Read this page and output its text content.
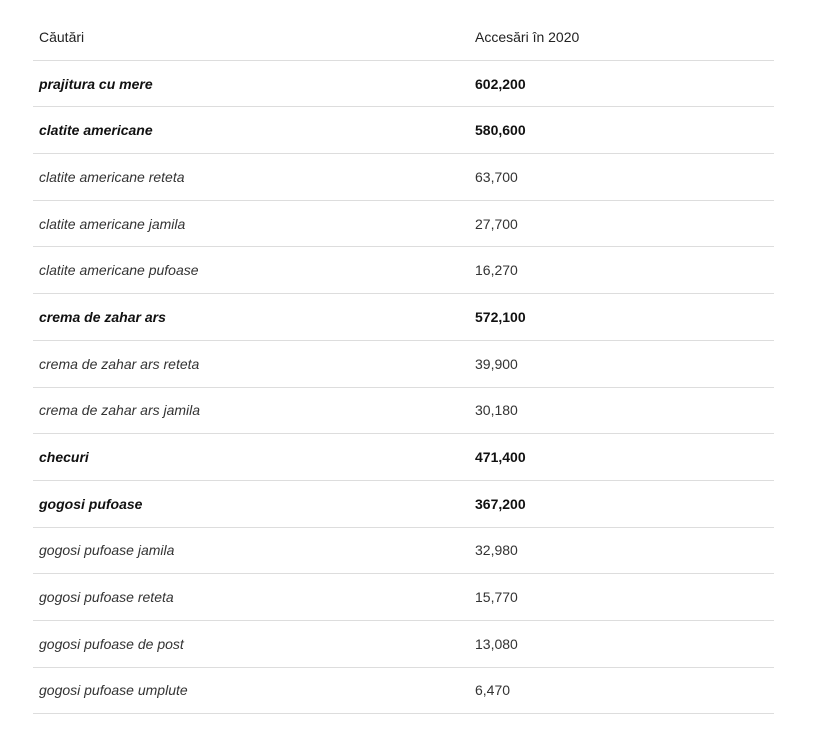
Căutări	Accesări în 2020
prajitura cu mere	602,200
clatite americane	580,600
clatite americane reteta	63,700
clatite americane jamila	27,700
clatite americane pufoase	16,270
crema de zahar ars	572,100
crema de zahar ars reteta	39,900
crema de zahar ars jamila	30,180
checuri	471,400
gogosi pufoase	367,200
gogosi pufoase jamila	32,980
gogosi pufoase reteta	15,770
gogosi pufoase de post	13,080
gogosi pufoase umplute	6,470
